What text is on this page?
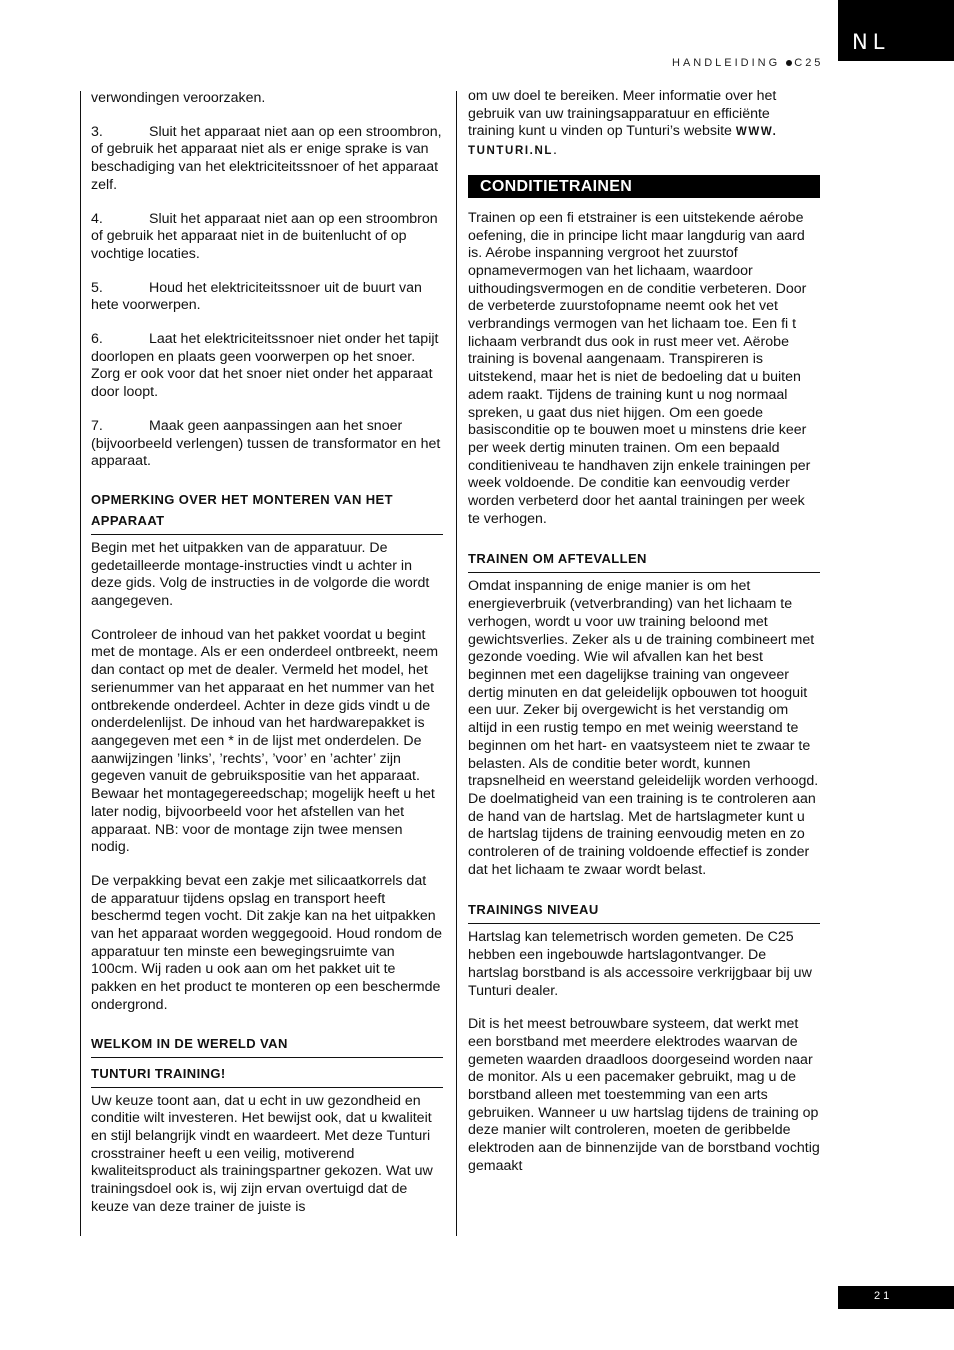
NL
HANDLEIDING C25
verwondingen veroorzaken.
3.	Sluit het apparaat niet aan op een stroombron, of gebruik het apparaat niet als er enige sprake is van beschadiging van het elektriciteitssnoer of het apparaat zelf.
4.	Sluit het apparaat niet aan op een stroombron of gebruik het apparaat niet in de buitenlucht of op vochtige locaties.
5.	Houd het elektriciteitssnoer uit de buurt van hete voorwerpen.
6.	Laat het elektriciteitssnoer niet onder het tapijt doorlopen en plaats geen voorwerpen op het snoer. Zorg er ook voor dat het snoer niet onder het apparaat door loopt.
7.	Maak geen aanpassingen aan het snoer (bijvoorbeeld verlengen) tussen de transformator en het apparaat.
OPMERKING OVER HET MONTEREN VAN HET APPARAAT
Begin met het uitpakken van de apparatuur. De gedetailleerde montage-instructies vindt u achter in deze gids. Volg de instructies in de volgorde die wordt aangegeven.
Controleer de inhoud van het pakket voordat u begint met de montage. Als er een onderdeel ontbreekt, neem dan contact op met de dealer. Vermeld het model, het serienummer van het apparaat en het nummer van het ontbrekende onderdeel. Achter in deze gids vindt u de onderdelenlijst. De inhoud van het hardwarepakket is aangegeven met een * in de lijst met onderdelen. De aanwijzingen ’links’, ’rechts’, ’voor’ en ’achter’ zijn gegeven vanuit de gebruikspositie van het apparaat. Bewaar het montagegereedschap; mogelijk heeft u het later nodig, bijvoorbeeld voor het afstellen van het apparaat. NB: voor de montage zijn twee mensen nodig.
De verpakking bevat een zakje met silicaatkorrels dat de apparatuur tijdens opslag en transport heeft beschermd tegen vocht. Dit zakje kan na het uitpakken van het apparaat worden weggegooid. Houd rondom de apparatuur ten minste een bewegingsruimte van 100cm. Wij raden u ook aan om het pakket uit te pakken en het product te monteren op een beschermde ondergrond.
WELKOM IN DE WERELD VAN
TUNTURI TRAINING!
Uw keuze toont aan, dat u echt in uw gezondheid en conditie wilt investeren. Het bewijst ook, dat u kwaliteit en stijl belangrijk vindt en waardeert. Met deze Tunturi crosstrainer heeft u een veilig, motiverend kwaliteitsproduct als trainingspartner gekozen. Wat uw trainingsdoel ook is, wij zijn ervan overtuigd dat de keuze van deze trainer de juiste is
om uw doel te bereiken. Meer informatie over het gebruik van uw trainingsapparatuur en efficiënte training kunt u vinden op Tunturi’s website WWW.
TUNTURI.NL.
CONDITIETRAINEN
Trainen op een fi etstrainer is een uitstekende aérobe oefening, die in principe licht maar langdurig van aard is. Aérobe inspanning vergroot het zuurstof opnamevermogen van het lichaam, waardoor uithoudingsvermogen en de conditie verbeteren. Door de verbeterde zuurstofopname neemt ook het vet verbrandings vermogen van het lichaam toe. Een fi t lichaam verbrandt dus ook in rust meer vet. Aërobe training is bovenal aangenaam. Transpireren is uitstekend, maar het is niet de bedoeling dat u buiten adem raakt. Tijdens de training kunt u nog normaal spreken, u gaat dus niet hijgen. Om een goede basisconditie op te bouwen moet u minstens drie keer per week dertig minuten trainen. Om een bepaald conditieniveau te handhaven zijn enkele trainingen per week voldoende. De conditie kan eenvoudig verder worden verbeterd door het aantal trainingen per week te verhogen.
TRAINEN OM AFTEVALLEN
Omdat inspanning de enige manier is om het energieverbruik (vetverbranding) van het lichaam te verhogen, wordt u voor uw training beloond met gewichtsverlies. Zeker als u de training combineert met gezonde voeding. Wie wil afvallen kan het best beginnen met een dagelijkse training van ongeveer dertig minuten en dat geleidelijk opbouwen tot hooguit een uur. Zeker bij overgewicht is het verstandig om altijd in een rustig tempo en met weinig weerstand te beginnen om het hart- en vaatsysteem niet te zwaar te belasten. Als de conditie beter wordt, kunnen trapsnelheid en weerstand geleidelijk worden verhoogd. De doelmatigheid van een training is te controleren aan de hand van de hartslag. Met de hartslagmeter kunt u de hartslag tijdens de training eenvoudig meten en zo controleren of de training voldoende effectief is zonder dat het lichaam te zwaar wordt belast.
TRAININGS NIVEAU
Hartslag kan telemetrisch worden gemeten. De C25 hebben een ingebouwde hartslagontvanger. De hartslag borstband is als accessoire verkrijgbaar bij uw Tunturi dealer.
Dit is het meest betrouwbare systeem, dat werkt met een borstband met meerdere elektrodes waarvan de gemeten waarden draadloos doorgeseind worden naar de monitor. Als u een pacemaker gebruikt, mag u de borstband alleen met toestemming van een arts gebruiken. Wanneer u uw hartslag tijdens de training op deze manier wilt controleren, moeten de geribbelde elektroden aan de binnenzijde van de borstband vochtig gemaakt
21
